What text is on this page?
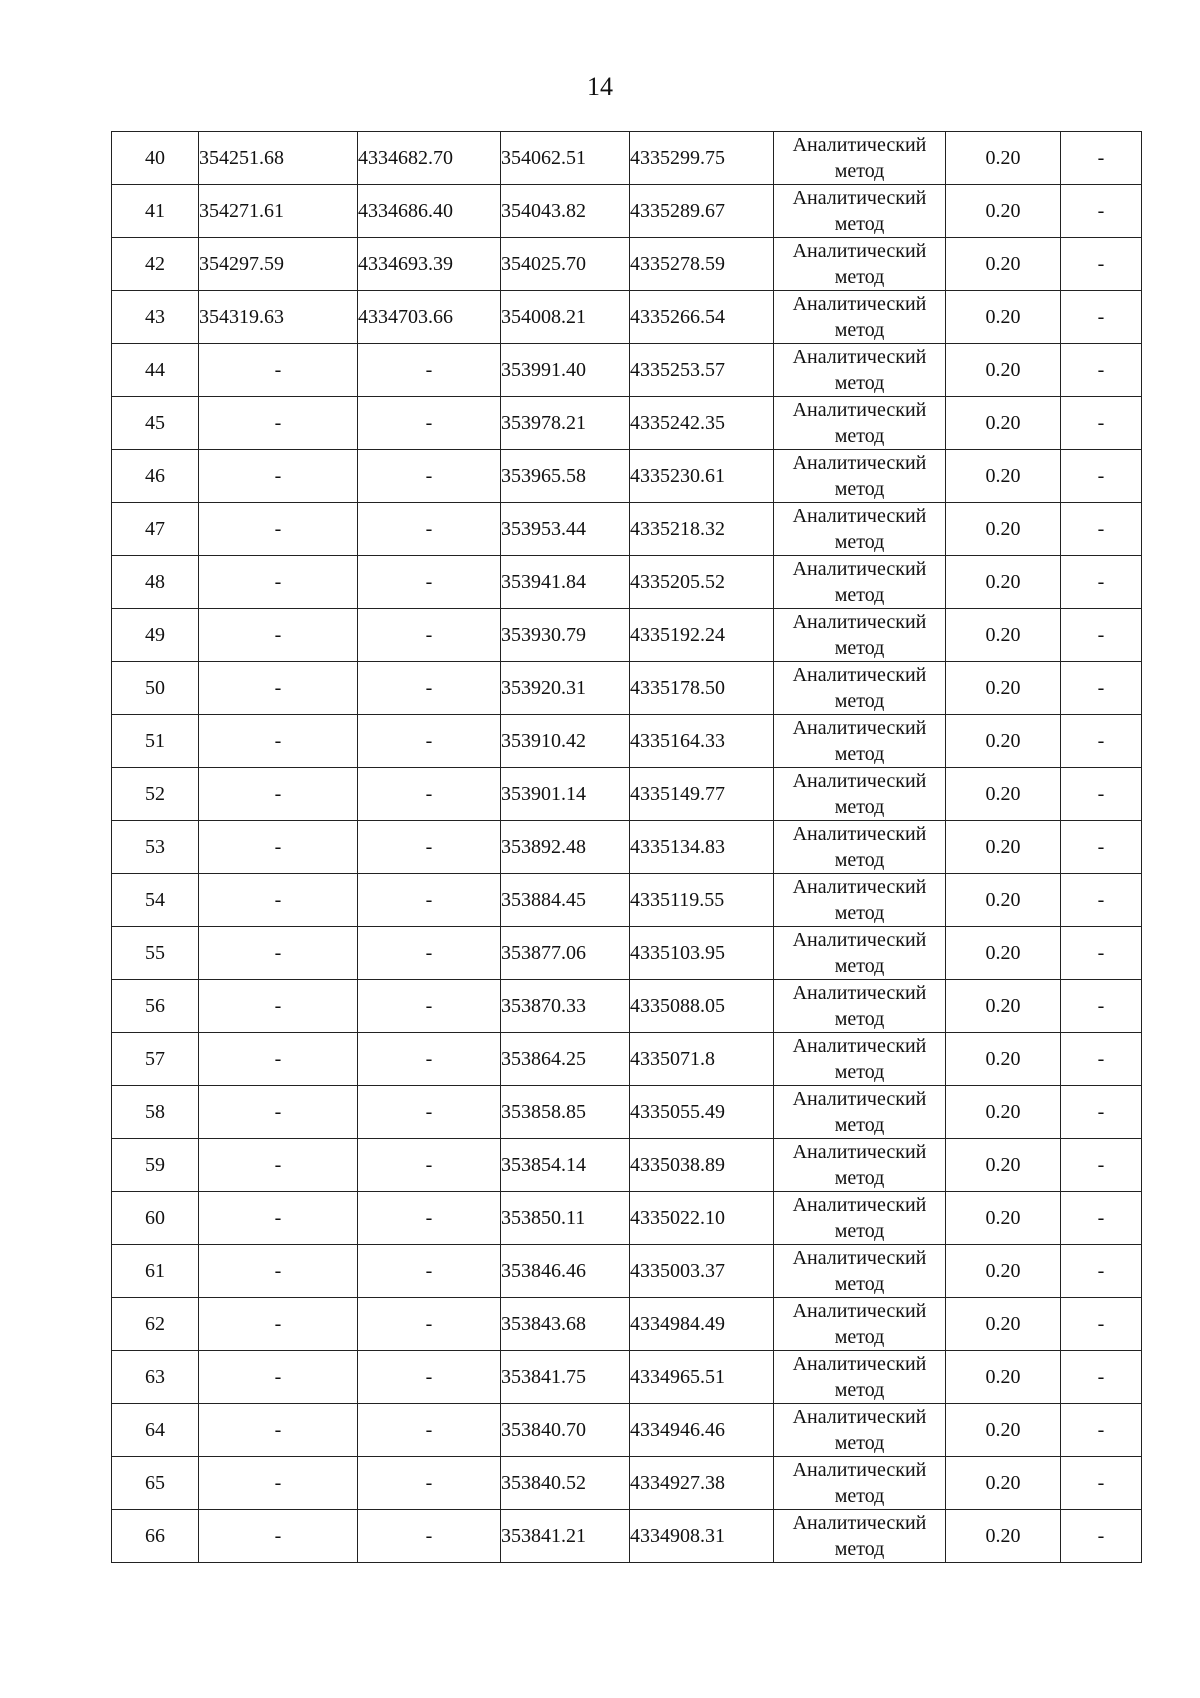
14
40	354251.68	4334682.70	354062.51	4335299.75	Аналитический
метод	0.20	-
41	354271.61	4334686.40	354043.82	4335289.67	Аналитический
метод	0.20	-
42	354297.59	4334693.39	354025.70	4335278.59	Аналитический
метод	0.20	-
43	354319.63	4334703.66	354008.21	4335266.54	Аналитический
метод	0.20	-
44	-	-	353991.40	4335253.57	Аналитический
метод	0.20	-
45	-	-	353978.21	4335242.35	Аналитический
метод	0.20	-
46	-	-	353965.58	4335230.61	Аналитический
метод	0.20	-
47	-	-	353953.44	4335218.32	Аналитический
метод	0.20	-
48	-	-	353941.84	4335205.52	Аналитический
метод	0.20	-
49	-	-	353930.79	4335192.24	Аналитический
метод	0.20	-
50	-	-	353920.31	4335178.50	Аналитический
метод	0.20	-
51	-	-	353910.42	4335164.33	Аналитический
метод	0.20	-
52	-	-	353901.14	4335149.77	Аналитический
метод	0.20	-
53	-	-	353892.48	4335134.83	Аналитический
метод	0.20	-
54	-	-	353884.45	4335119.55	Аналитический
метод	0.20	-
55	-	-	353877.06	4335103.95	Аналитический
метод	0.20	-
56	-	-	353870.33	4335088.05	Аналитический
метод	0.20	-
57	-	-	353864.25	4335071.8	Аналитический
метод	0.20	-
58	-	-	353858.85	4335055.49	Аналитический
метод	0.20	-
59	-	-	353854.14	4335038.89	Аналитический
метод	0.20	-
60	-	-	353850.11	4335022.10	Аналитический
метод	0.20	-
61	-	-	353846.46	4335003.37	Аналитический
метод	0.20	-
62	-	-	353843.68	4334984.49	Аналитический
метод	0.20	-
63	-	-	353841.75	4334965.51	Аналитический
метод	0.20	-
64	-	-	353840.70	4334946.46	Аналитический
метод	0.20	-
65	-	-	353840.52	4334927.38	Аналитический
метод	0.20	-
66	-	-	353841.21	4334908.31	Аналитический
метод	0.20	-
